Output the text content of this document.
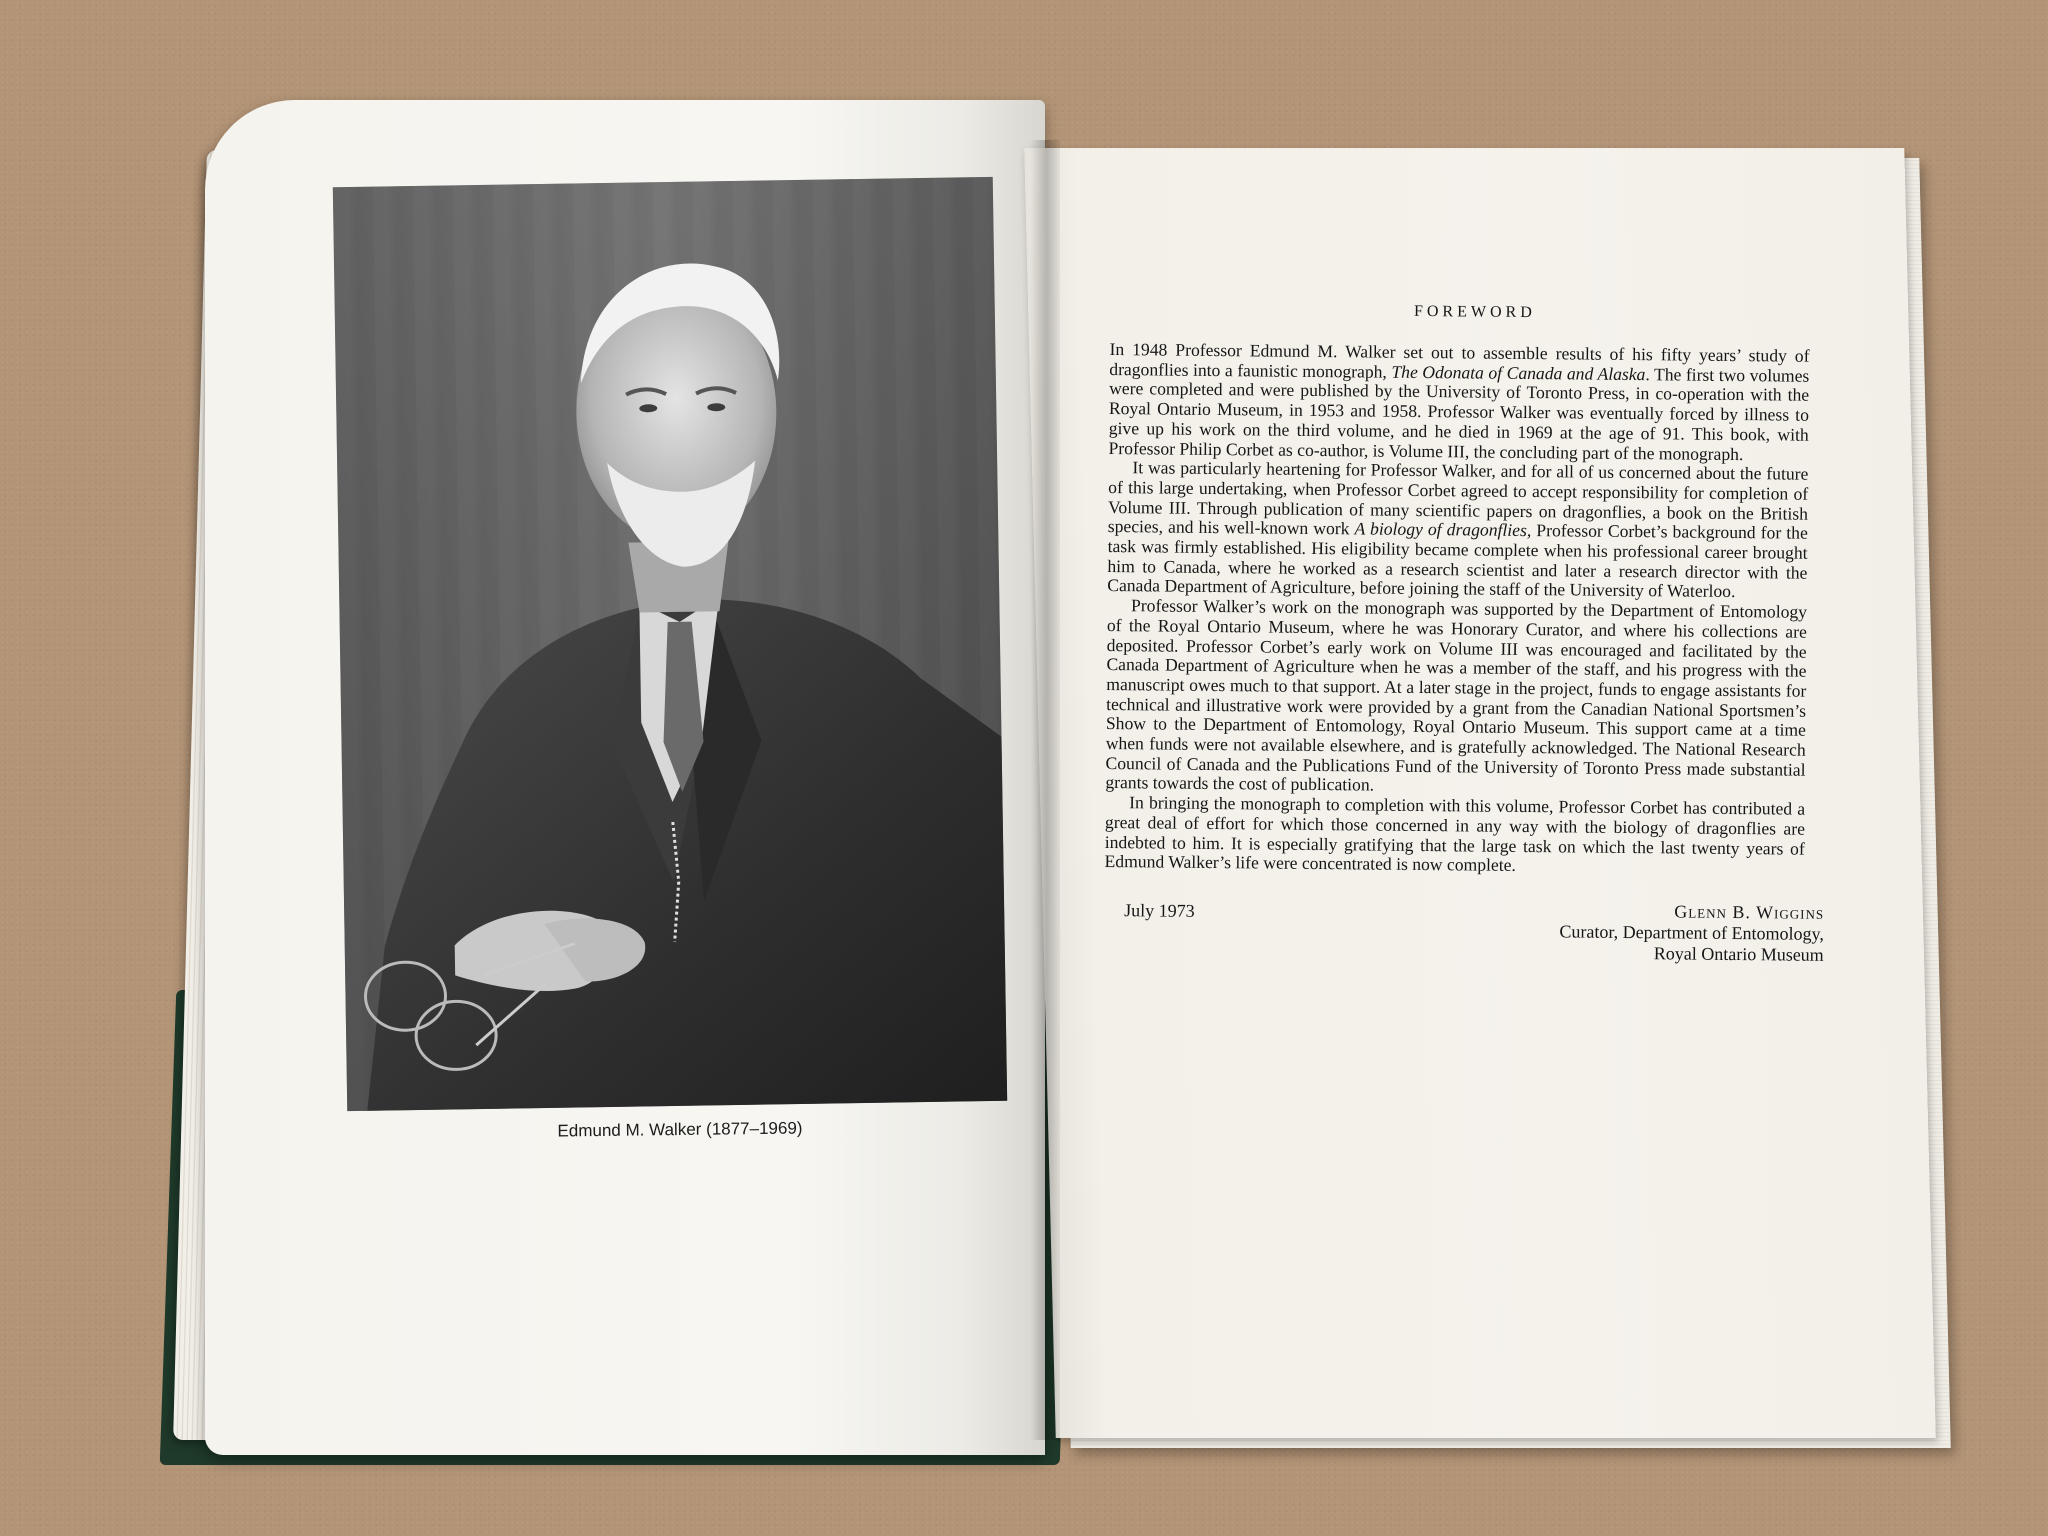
Edmund M. Walker (1877–1969)
FOREWORD

In 1948 Professor Edmund M. Walker set out to assemble results of his fifty years’ study of dragonflies into a faunistic monograph, The Odonata of Canada and Alaska. The first two volumes were completed and were published by the University of Toronto Press, in co-operation with the Royal Ontario Museum, in 1953 and 1958. Professor Walker was eventually forced by illness to give up his work on the third volume, and he died in 1969 at the age of 91. This book, with Professor Philip Corbet as co-author, is Volume III, the concluding part of the monograph.

It was particularly heartening for Professor Walker, and for all of us concerned about the future of this large undertaking, when Professor Corbet agreed to accept responsibility for completion of Volume III. Through publication of many scientific papers on dragonflies, a book on the British species, and his well-known work A biology of dragonflies, Professor Corbet’s background for the task was firmly established. His eligibility became complete when his professional career brought him to Canada, where he worked as a research scientist and later a research director with the Canada Department of Agriculture, before joining the staff of the University of Waterloo.

Professor Walker’s work on the monograph was supported by the Department of Entomology of the Royal Ontario Museum, where he was Honorary Curator, and where his collections are deposited. Professor Corbet’s early work on Volume III was encouraged and facilitated by the Canada Department of Agriculture when he was a member of the staff, and his progress with the manuscript owes much to that support. At a later stage in the project, funds to engage assistants for technical and illustrative work were provided by a grant from the Canadian National Sportsmen’s Show to the Department of Entomology, Royal Ontario Museum. This support came at a time when funds were not available elsewhere, and is gratefully acknowledged. The National Research Council of Canada and the Publications Fund of the University of Toronto Press made substantial grants towards the cost of publication.

In bringing the monograph to completion with this volume, Professor Corbet has contributed a great deal of effort for which those concerned in any way with the biology of dragonflies are indebted to him. It is especially gratifying that the large task on which the last twenty years of Edmund Walker’s life were concentrated is now complete.

July 1973	Glenn B. Wiggins
Curator, Department of Entomology,
Royal Ontario Museum
